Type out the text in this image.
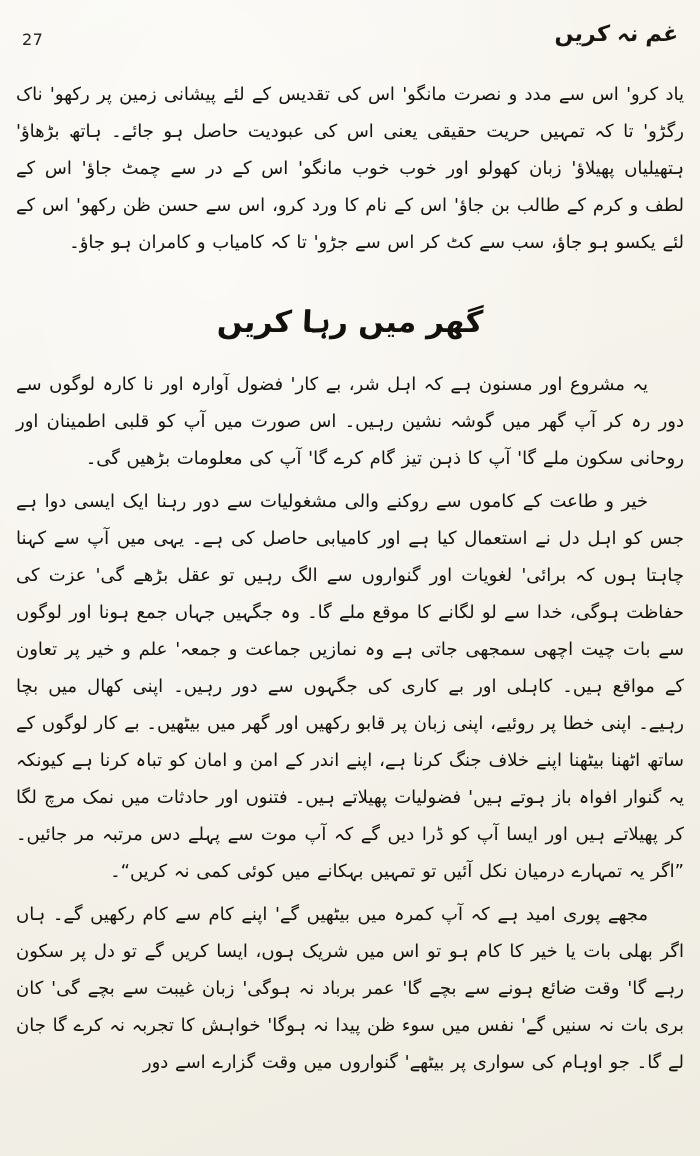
27	غم نہ کریں

یاد کرو' اس سے مدد و نصرت مانگو' اس کی تقدیس کے لئے پیشانی زمین پر رکھو' ناک رگڑو' تا کہ تمہیں حریت حقیقی یعنی اس کی عبودیت حاصل ہو جائے۔ ہاتھ بڑھاؤ' ہتھیلیاں پھیلاؤ' زبان کھولو اور خوب خوب مانگو' اس کے در سے چمٹ جاؤ' اس کے لطف و کرم کے طالب بن جاؤ' اس کے نام کا ورد کرو، اس سے حسن ظن رکھو' اس کے لئے یکسو ہو جاؤ، سب سے کٹ کر اس سے جڑو' تا کہ کامیاب و کامران ہو جاؤ۔

گھر میں رہا کریں

یہ مشروع اور مسنون ہے کہ اہل شر، بے کار' فضول آوارہ اور نا کارہ لوگوں سے دور رہ کر آپ گھر میں گوشہ نشین رہیں۔ اس صورت میں آپ کو قلبی اطمینان اور روحانی سکون ملے گا' آپ کا ذہن تیز گام کرے گا' آپ کی معلومات بڑھیں گی۔

خیر و طاعت کے کاموں سے روکنے والی مشغولیات سے دور رہنا ایک ایسی دوا ہے جس کو اہل دل نے استعمال کیا ہے اور کامیابی حاصل کی ہے۔ یہی میں آپ سے کہنا چاہتا ہوں کہ برائی' لغویات اور گنواروں سے الگ رہیں تو عقل بڑھے گی' عزت کی حفاظت ہوگی، خدا سے لو لگانے کا موقع ملے گا۔ وہ جگہیں جہاں جمع ہونا اور لوگوں سے بات چیت اچھی سمجھی جاتی ہے وہ نمازیں جماعت و جمعہ' علم و خیر پر تعاون کے مواقع ہیں۔ کاہلی اور بے کاری کی جگہوں سے دور رہیں۔ اپنی کھال میں بچا رہیے۔ اپنی خطا پر روئیے، اپنی زبان پر قابو رکھیں اور گھر میں بیٹھیں۔ بے کار لوگوں کے ساتھ اٹھنا بیٹھنا اپنے خلاف جنگ کرنا ہے، اپنے اندر کے امن و امان کو تباہ کرنا ہے کیونکہ یہ گنوار افواہ باز ہوتے ہیں' فضولیات پھیلاتے ہیں۔ فتنوں اور حادثات میں نمک مرچ لگا کر پھیلاتے ہیں اور ایسا آپ کو ڈرا دیں گے کہ آپ موت سے پہلے دس مرتبہ مر جائیں۔ ”اگر یہ تمہارے درمیان نکل آئیں تو تمہیں بہکانے میں کوئی کمی نہ کریں“۔

مجھے پوری امید ہے کہ آپ کمرہ میں بیٹھیں گے' اپنے کام سے کام رکھیں گے۔ ہاں اگر بھلی بات یا خیر کا کام ہو تو اس میں شریک ہوں، ایسا کریں گے تو دل پر سکون رہے گا' وقت ضائع ہونے سے بچے گا' عمر برباد نہ ہوگی' زبان غیبت سے بچے گی' کان بری بات نہ سنیں گے' نفس میں سوء ظن پیدا نہ ہوگا' خواہش کا تجربہ نہ کرے گا جان لے گا۔ جو اوہام کی سواری پر بیٹھے' گنواروں میں وقت گزارے اسے دور
